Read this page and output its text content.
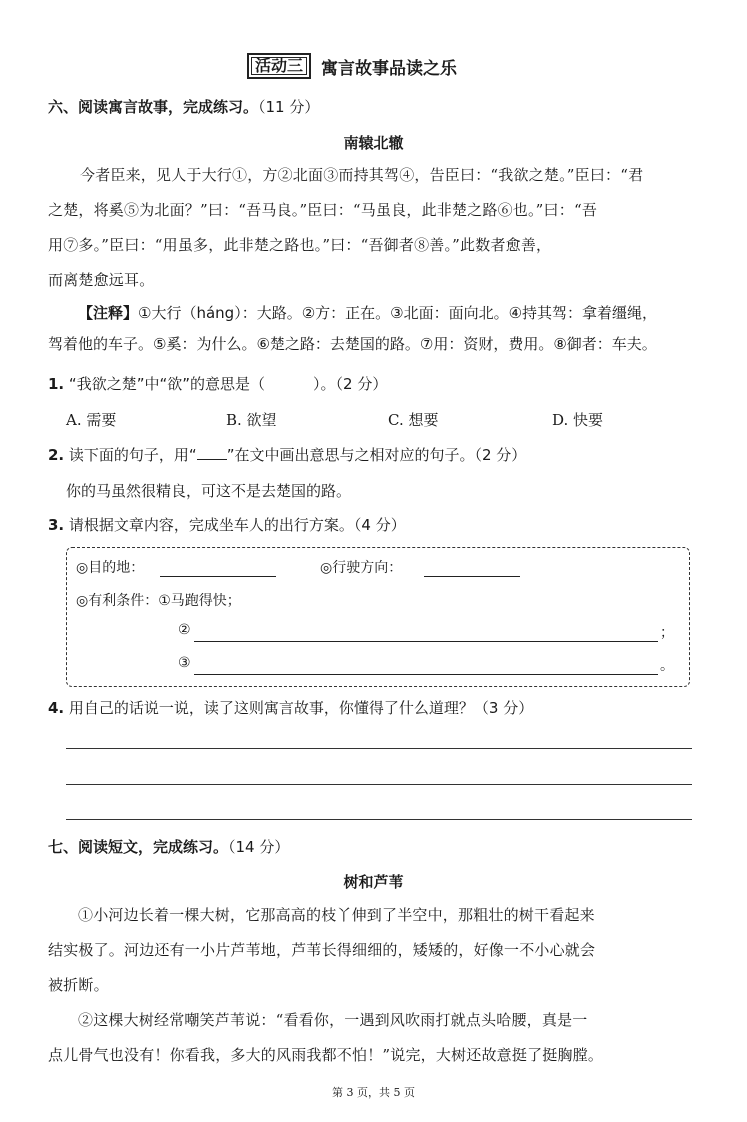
活动三	寓言故事品读之乐
六、阅读寓言故事，完成练习。（11 分）
南辕北辙
今者臣来，见人于大行①，方②北面③而持其驾④，告臣曰：“我欲之楚。”臣曰：“君
之楚，将奚⑤为北面？”曰：“吾马良。”臣曰：“马虽良，此非楚之路⑥也。”曰：“吾
用⑦多。”臣曰：“用虽多，此非楚之路也。”曰：“吾御者⑧善。”此数者愈善，
而离楚愈远耳。
【注释】①大行（háng）：大路。②方：正在。③北面：面向北。④持其驾：拿着缰绳，
驾着他的车子。⑤奚：为什么。⑥楚之路：去楚国的路。⑦用：资财，费用。⑧御者：车夫。
1. “我欲之楚”中“欲”的意思是（	）。（2 分）
A. 需要	B. 欲望	C. 想要	D. 快要
2. 读下面的句子，用“ ”在文中画出意思与之相对应的句子。（2 分）
你的马虽然很精良，可这不是去楚国的路。
3. 请根据文章内容，完成坐车人的出行方案。（4 分）
◎目的地：	◎行驶方向：
◎有利条件：①马跑得快；
②	；
③	。
4. 用自己的话说一说，读了这则寓言故事，你懂得了什么道理？（3 分）
七、阅读短文，完成练习。（14 分）
树和芦苇
①小河边长着一棵大树，它那高高的枝丫伸到了半空中，那粗壮的树干看起来
结实极了。河边还有一小片芦苇地，芦苇长得细细的，矮矮的，好像一不小心就会
被折断。
②这棵大树经常嘲笑芦苇说：“看看你，一遇到风吹雨打就点头哈腰，真是一
点儿骨气也没有！你看我，多大的风雨我都不怕！”说完，大树还故意挺了挺胸膛。
第 3 页，共 5 页
